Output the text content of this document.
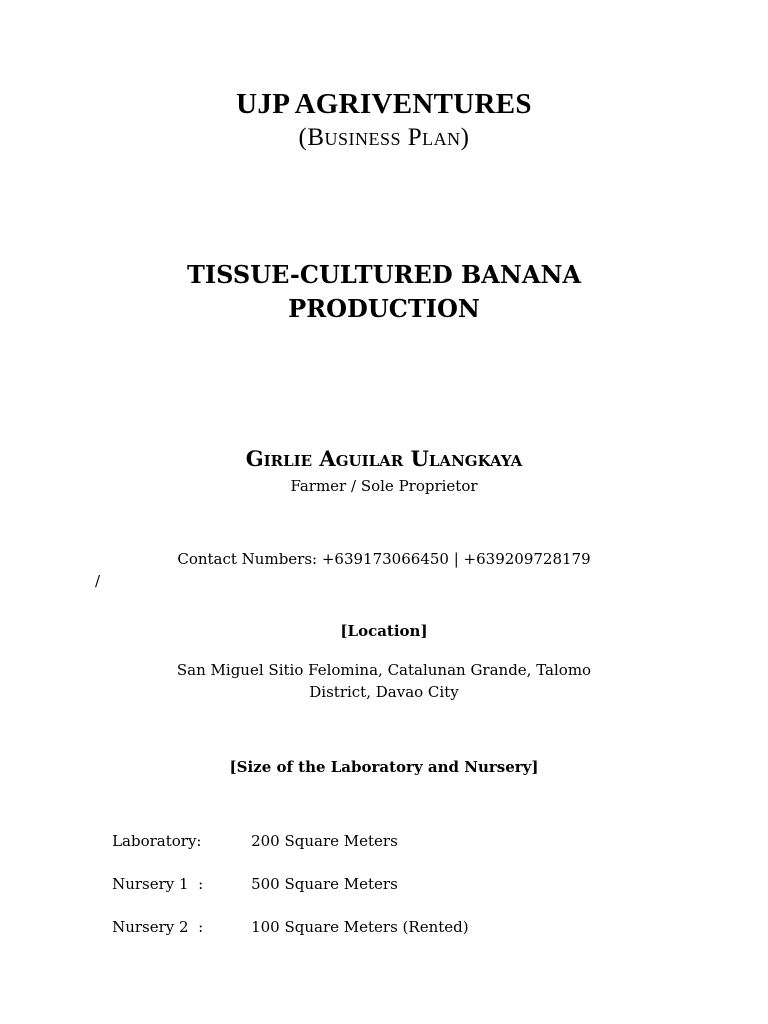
UJP AGRIVENTURES
(Business Plan)
TISSUE-CULTURED BANANA
PRODUCTION
Girlie Aguilar Ulangkaya
Farmer / Sole Proprietor
Contact Numbers: +639173066450 | +639209728179
/
[Location]
San Miguel Sitio Felomina, Catalunan Grande, Talomo
District, Davao City
[Size of the Laboratory and Nursery]

Laboratory:	200 Square Meters

Nursery 1  :	500 Square Meters

Nursery 2  :	100 Square Meters (Rented)
